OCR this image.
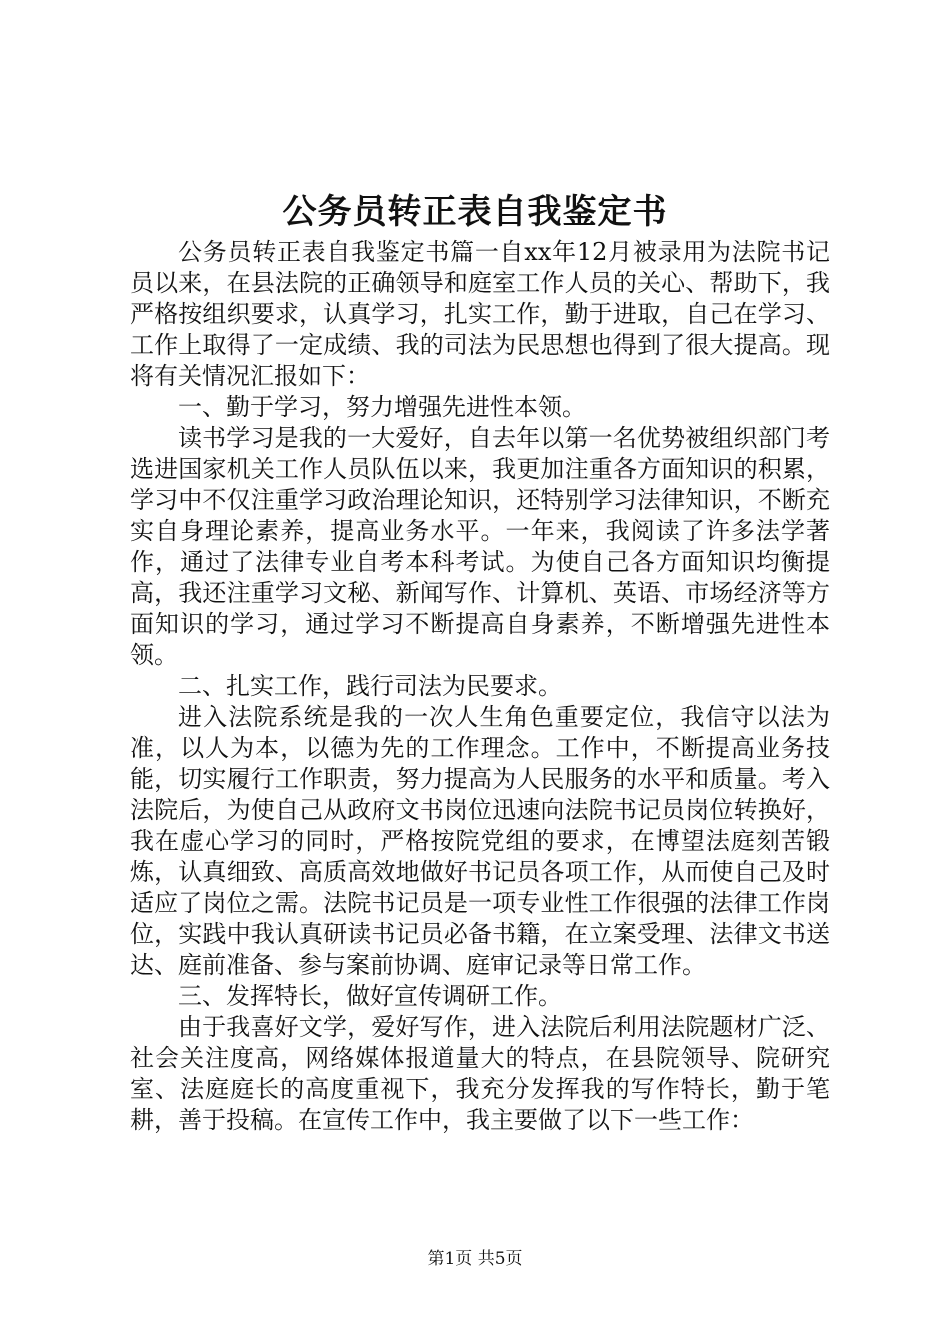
公务员转正表自我鉴定书

公务员转正表自我鉴定书篇一自xx年12月被录用为法院书记员以来，在县法院的正确领导和庭室工作人员的关心、帮助下，我严格按组织要求，认真学习，扎实工作，勤于进取，自己在学习、工作上取得了一定成绩、我的司法为民思想也得到了很大提高。现将有关情况汇报如下：

一、勤于学习，努力增强先进性本领。

读书学习是我的一大爱好，自去年以第一名优势被组织部门考选进国家机关工作人员队伍以来，我更加注重各方面知识的积累，学习中不仅注重学习政治理论知识，还特别学习法律知识，不断充实自身理论素养，提高业务水平。一年来，我阅读了许多法学著作，通过了法律专业自考本科考试。为使自己各方面知识均衡提高，我还注重学习文秘、新闻写作、计算机、英语、市场经济等方面知识的学习，通过学习不断提高自身素养，不断增强先进性本领。

二、扎实工作，践行司法为民要求。

进入法院系统是我的一次人生角色重要定位，我信守以法为准，以人为本，以德为先的工作理念。工作中，不断提高业务技能，切实履行工作职责，努力提高为人民服务的水平和质量。考入法院后，为使自己从政府文书岗位迅速向法院书记员岗位转换好，我在虚心学习的同时，严格按院党组的要求，在博望法庭刻苦锻炼，认真细致、高质高效地做好书记员各项工作，从而使自己及时适应了岗位之需。法院书记员是一项专业性工作很强的法律工作岗位，实践中我认真研读书记员必备书籍，在立案受理、法律文书送达、庭前准备、参与案前协调、庭审记录等日常工作。

三、发挥特长，做好宣传调研工作。

由于我喜好文学，爱好写作，进入法院后利用法院题材广泛、社会关注度高，网络媒体报道量大的特点，在县院领导、院研究室、法庭庭长的高度重视下，我充分发挥我的写作特长，勤于笔耕，善于投稿。在宣传工作中，我主要做了以下一些工作：

第1页 共5页
